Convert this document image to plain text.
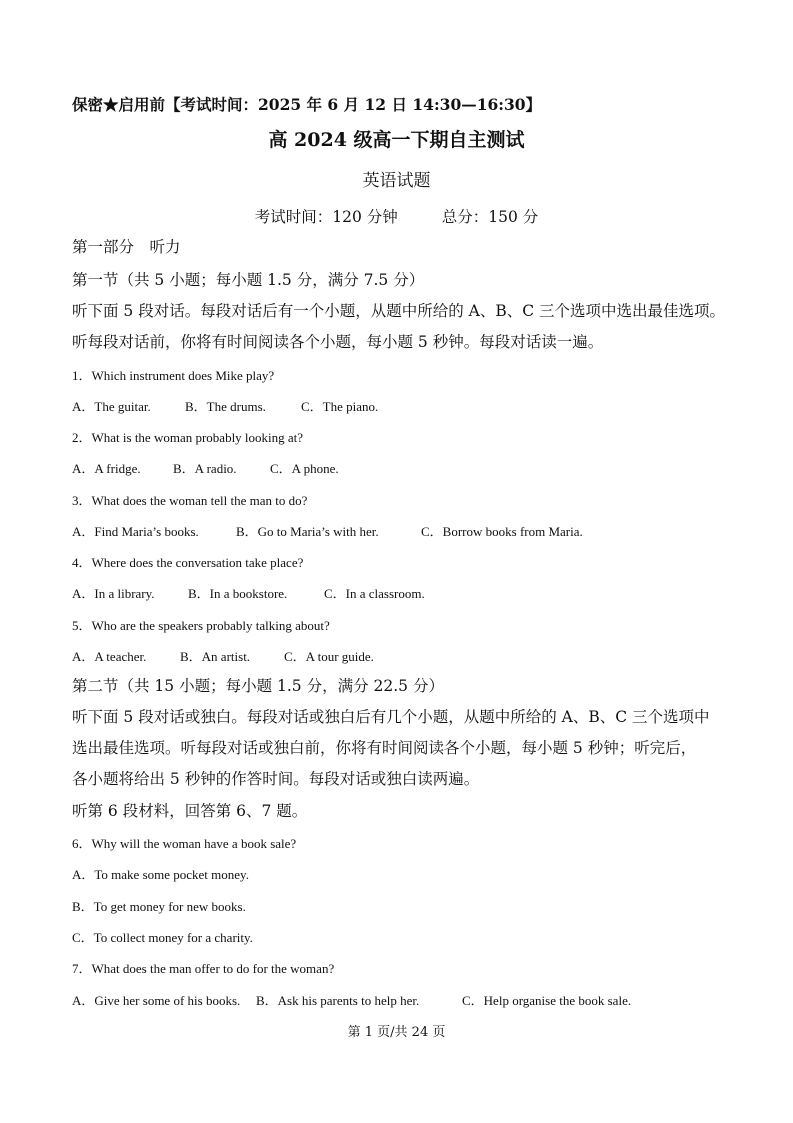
保密★启用前【考试时间：2025 年 6 月 12 日 14:30—16:30】
高 2024 级高一下期自主测试
英语试题
考试时间：120 分钟	总分：150 分
第一部分　听力
第一节（共 5 小题；每小题 1.5 分，满分 7.5 分）
听下面 5 段对话。每段对话后有一个小题，从题中所给的 A、B、C 三个选项中选出最佳选项。
听每段对话前，你将有时间阅读各个小题，每小题 5 秒钟。每段对话读一遍。
1．Which instrument does Mike play?
A．The guitar.	B．The drums.	C．The piano.
2．What is the woman probably looking at?
A．A fridge. B．A radio.	C．A phone.
3．What does the woman tell the man to do?
A．Find Maria’s books.	B．Go to Maria’s with her.	C．Borrow books from Maria.
4．Where does the conversation take place?
A．In a library.	B．In a bookstore.	C．In a classroom.
5．Who are the speakers probably talking about?
A．A teacher.	B．An artist.	C．A tour guide.
第二节（共 15 小题；每小题 1.5 分，满分 22.5 分）
听下面 5 段对话或独白。每段对话或独白后有几个小题，从题中所给的 A、B、C 三个选项中
选出最佳选项。听每段对话或独白前，你将有时间阅读各个小题，每小题 5 秒钟；听完后，
各小题将给出 5 秒钟的作答时间。每段对话或独白读两遍。
听第 6 段材料，回答第 6、7 题。
6．Why will the woman have a book sale?
A．To make some pocket money.
B．To get money for new books.
C．To collect money for a charity.
7．What does the man offer to do for the woman?
A．Give her some of his books. B．Ask his parents to help her.	C．Help organise the book sale.
第 1 页/共 24 页
